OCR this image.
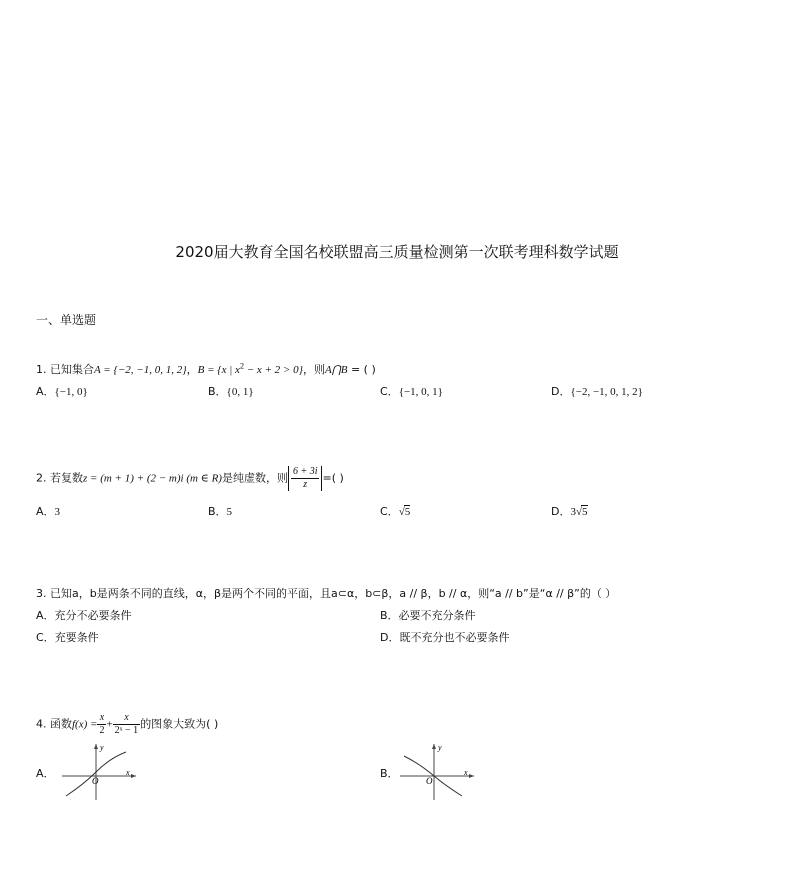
2020届大教育全国名校联盟高三质量检测第一次联考理科数学试题
一、单选题
1. 已知集合A = {−2, −1, 0, 1, 2}，B = {x | $x^2 - x + 2 > 0$}，则A⋂B = ( )
A．{−1, 0}	B．{0, 1}	C．{−1, 0, 1}	D．{−2, −1, 0, 1, 2}
2. 若复数z = (m + 1) + (2 − m)i (m ∈ R)是纯虚数，则 $\frac{6 + 3i}{z}$ =( )
A．3	B．5	C．√5	D．3√5
3. 已知a，b是两条不同的直线，α，β是两个不同的平面，且a⊂α，b⊂β，a // β，b // α，则“a // b”是“α // β”的（ ）
A．充分不必要条件	B．必要不充分条件
C．充要条件	D．既不充分也不必要条件
4. 函数$f(x) = \frac{x}{2} + \frac{x}{\text{2ˣ − 1}}$ 的图象大致为( )
A．
y
x
O
B．
y
x
O
